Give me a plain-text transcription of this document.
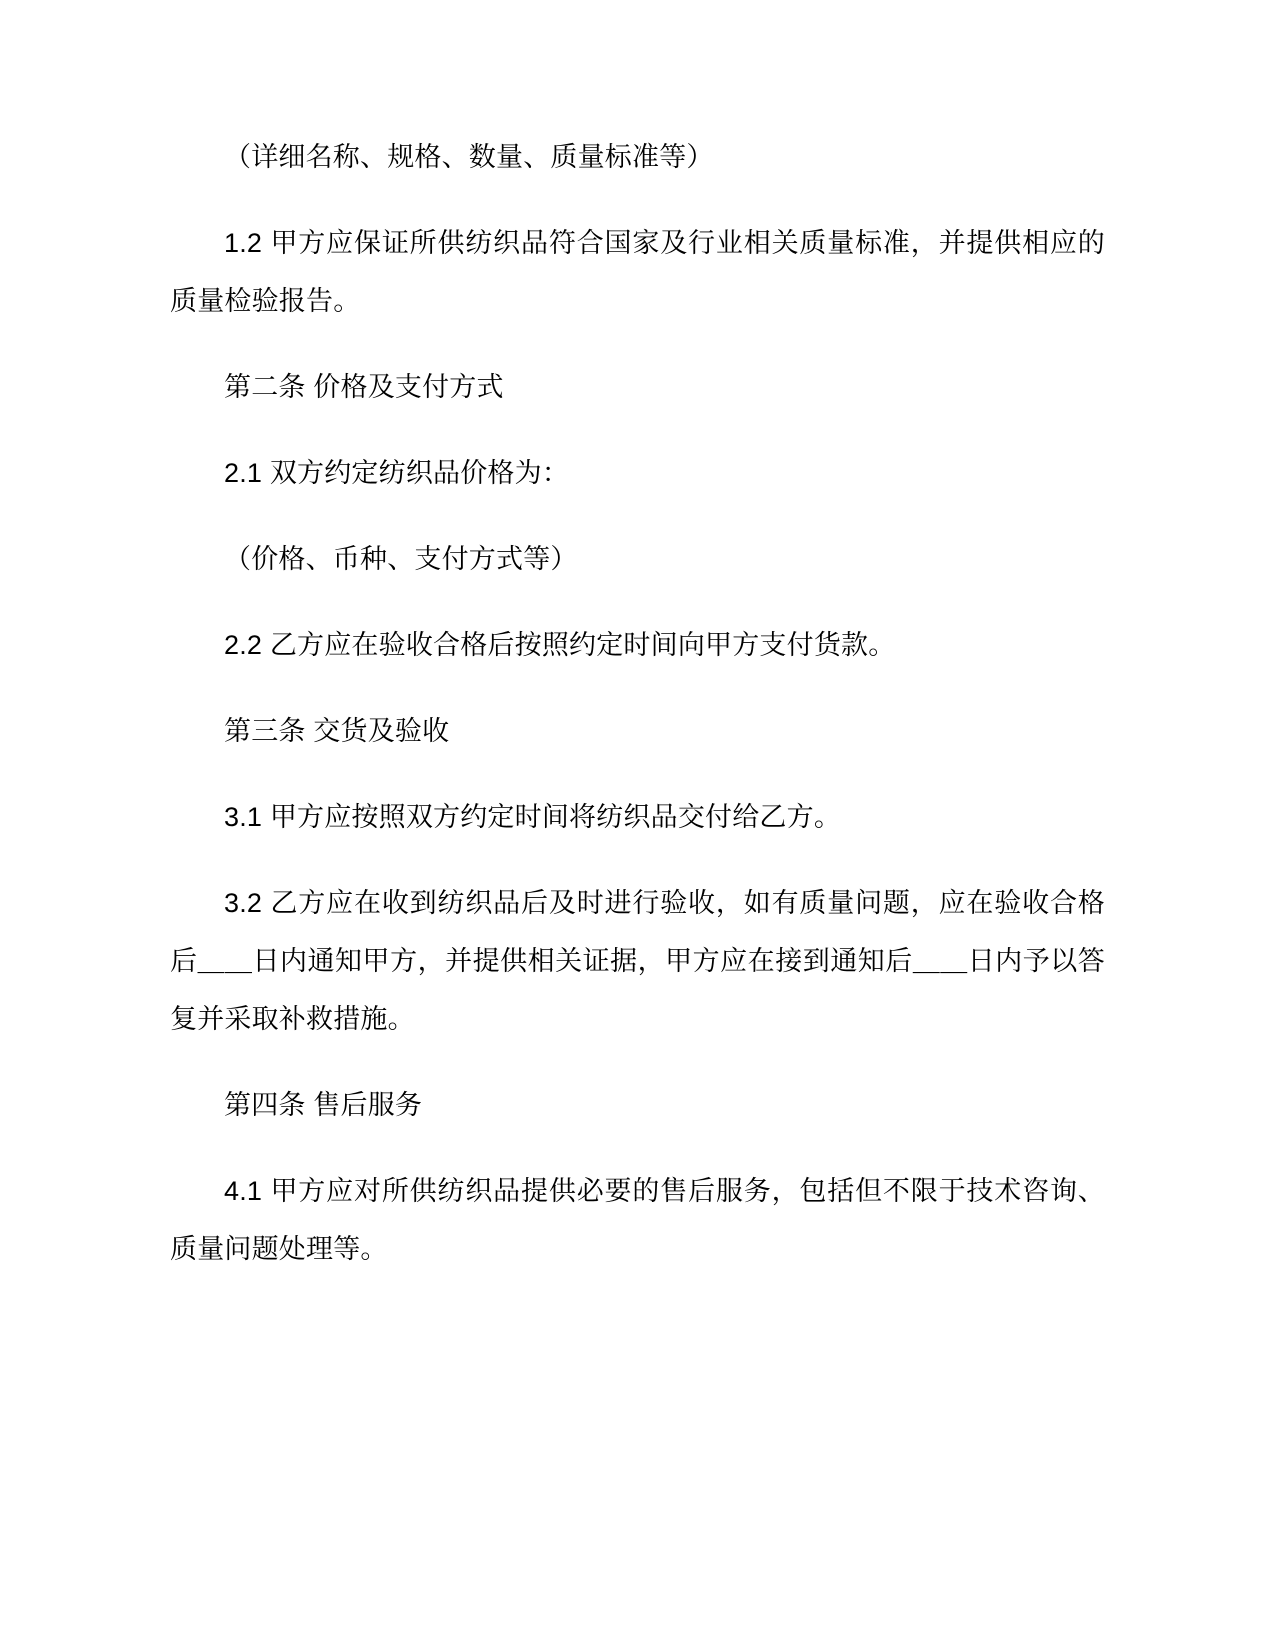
（详细名称、规格、数量、质量标准等）

1.2 甲方应保证所供纺织品符合国家及行业相关质量标准，并提供相应的质量检验报告。

第二条 价格及支付方式

2.1 双方约定纺织品价格为：

（价格、币种、支付方式等）

2.2 乙方应在验收合格后按照约定时间向甲方支付货款。

第三条 交货及验收

3.1 甲方应按照双方约定时间将纺织品交付给乙方。

3.2 乙方应在收到纺织品后及时进行验收，如有质量问题，应在验收合格后＿＿日内通知甲方，并提供相关证据，甲方应在接到通知后＿＿日内予以答复并采取补救措施。

第四条 售后服务

4.1 甲方应对所供纺织品提供必要的售后服务，包括但不限于技术咨询、质量问题处理等。
